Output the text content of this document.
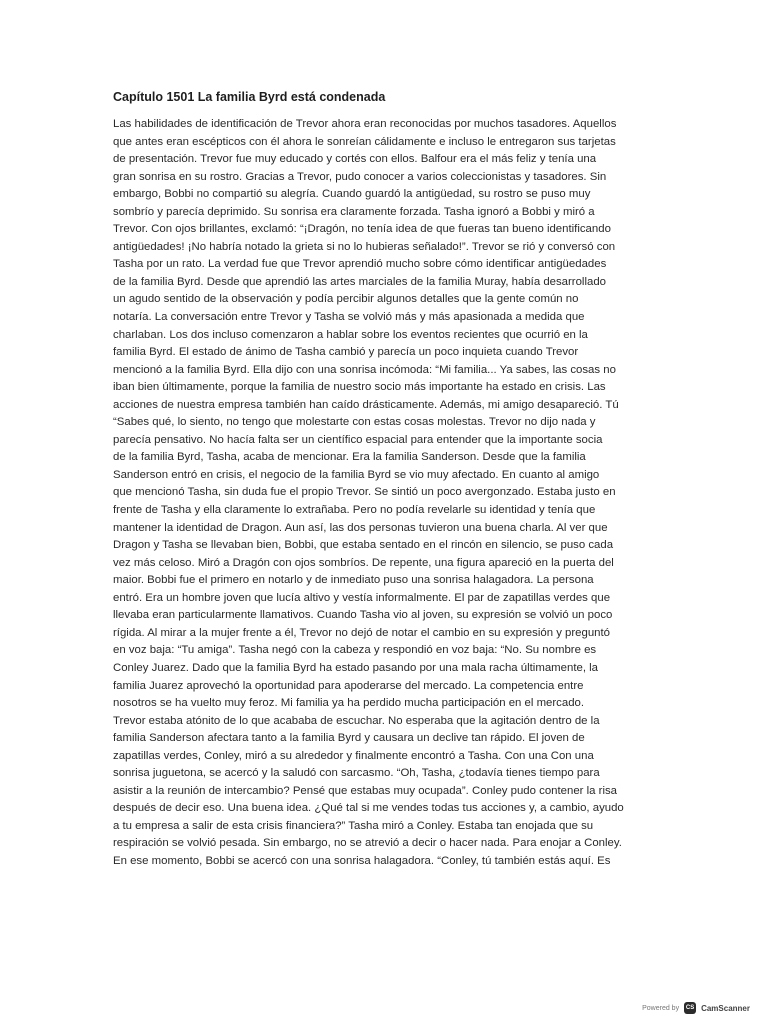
Capítulo 1501 La familia Byrd está condenada

Las habilidades de identificación de Trevor ahora eran reconocidas por muchos tasadores. Aquellos
que antes eran escépticos con él ahora le sonreían cálidamente e incluso le entregaron sus tarjetas
de presentación. Trevor fue muy educado y cortés con ellos. Balfour era el más feliz y tenía una
gran sonrisa en su rostro. Gracias a Trevor, pudo conocer a varios coleccionistas y tasadores. Sin
embargo, Bobbi no compartió su alegría. Cuando guardó la antigüedad, su rostro se puso muy
sombrío y parecía deprimido. Su sonrisa era claramente forzada. Tasha ignoró a Bobbi y miró a
Trevor. Con ojos brillantes, exclamó: “¡Dragón, no tenía idea de que fueras tan bueno identificando
antigüedades! ¡No habría notado la grieta si no lo hubieras señalado!”. Trevor se rió y conversó con
Tasha por un rato. La verdad fue que Trevor aprendió mucho sobre cómo identificar antigüedades
de la familia Byrd. Desde que aprendió las artes marciales de la familia Muray, había desarrollado
un agudo sentido de la observación y podía percibir algunos detalles que la gente común no
notaría. La conversación entre Trevor y Tasha se volvió más y más apasionada a medida que
charlaban. Los dos incluso comenzaron a hablar sobre los eventos recientes que ocurrió en la
familia Byrd. El estado de ánimo de Tasha cambió y parecía un poco inquieta cuando Trevor
mencionó a la familia Byrd. Ella dijo con una sonrisa incómoda: “Mi familia... Ya sabes, las cosas no
iban bien últimamente, porque la familia de nuestro socio más importante ha estado en crisis. Las
acciones de nuestra empresa también han caído drásticamente. Además, mi amigo desapareció. Tú
“Sabes qué, lo siento, no tengo que molestarte con estas cosas molestas. Trevor no dijo nada y
parecía pensativo. No hacía falta ser un científico espacial para entender que la importante socia
de la familia Byrd, Tasha, acaba de mencionar. Era la familia Sanderson. Desde que la familia
Sanderson entró en crisis, el negocio de la familia Byrd se vio muy afectado. En cuanto al amigo
que mencionó Tasha, sin duda fue el propio Trevor. Se sintió un poco avergonzado. Estaba justo en
frente de Tasha y ella claramente lo extrañaba. Pero no podía revelarle su identidad y tenía que
mantener la identidad de Dragon. Aun así, las dos personas tuvieron una buena charla. Al ver que
Dragon y Tasha se llevaban bien, Bobbi, que estaba sentado en el rincón en silencio, se puso cada
vez más celoso. Miró a Dragón con ojos sombríos. De repente, una figura apareció en la puerta del
maior. Bobbi fue el primero en notarlo y de inmediato puso una sonrisa halagadora. La persona
entró. Era un hombre joven que lucía altivo y vestía informalmente. El par de zapatillas verdes que
llevaba eran particularmente llamativos. Cuando Tasha vio al joven, su expresión se volvió un poco
rígida. Al mirar a la mujer frente a él, Trevor no dejó de notar el cambio en su expresión y preguntó
en voz baja: “Tu amiga”. Tasha negó con la cabeza y respondió en voz baja: “No. Su nombre es
Conley Juarez. Dado que la familia Byrd ha estado pasando por una mala racha últimamente, la
familia Juarez aprovechó la oportunidad para apoderarse del mercado. La competencia entre
nosotros se ha vuelto muy feroz. Mi familia ya ha perdido mucha participación en el mercado.
Trevor estaba atónito de lo que acababa de escuchar. No esperaba que la agitación dentro de la
familia Sanderson afectara tanto a la familia Byrd y causara un declive tan rápido. El joven de
zapatillas verdes, Conley, miró a su alrededor y finalmente encontró a Tasha. Con una Con una
sonrisa juguetona, se acercó y la saludó con sarcasmo. “Oh, Tasha, ¿todavía tienes tiempo para
asistir a la reunión de intercambio? Pensé que estabas muy ocupada”. Conley pudo contener la risa
después de decir eso. Una buena idea. ¿Qué tal si me vendes todas tus acciones y, a cambio, ayudo
a tu empresa a salir de esta crisis financiera?” Tasha miró a Conley. Estaba tan enojada que su
respiración se volvió pesada. Sin embargo, no se atrevió a decir o hacer nada. Para enojar a Conley.
En ese momento, Bobbi se acercó con una sonrisa halagadora. “Conley, tú también estás aquí. Es

Powered by	CS CamScanner
